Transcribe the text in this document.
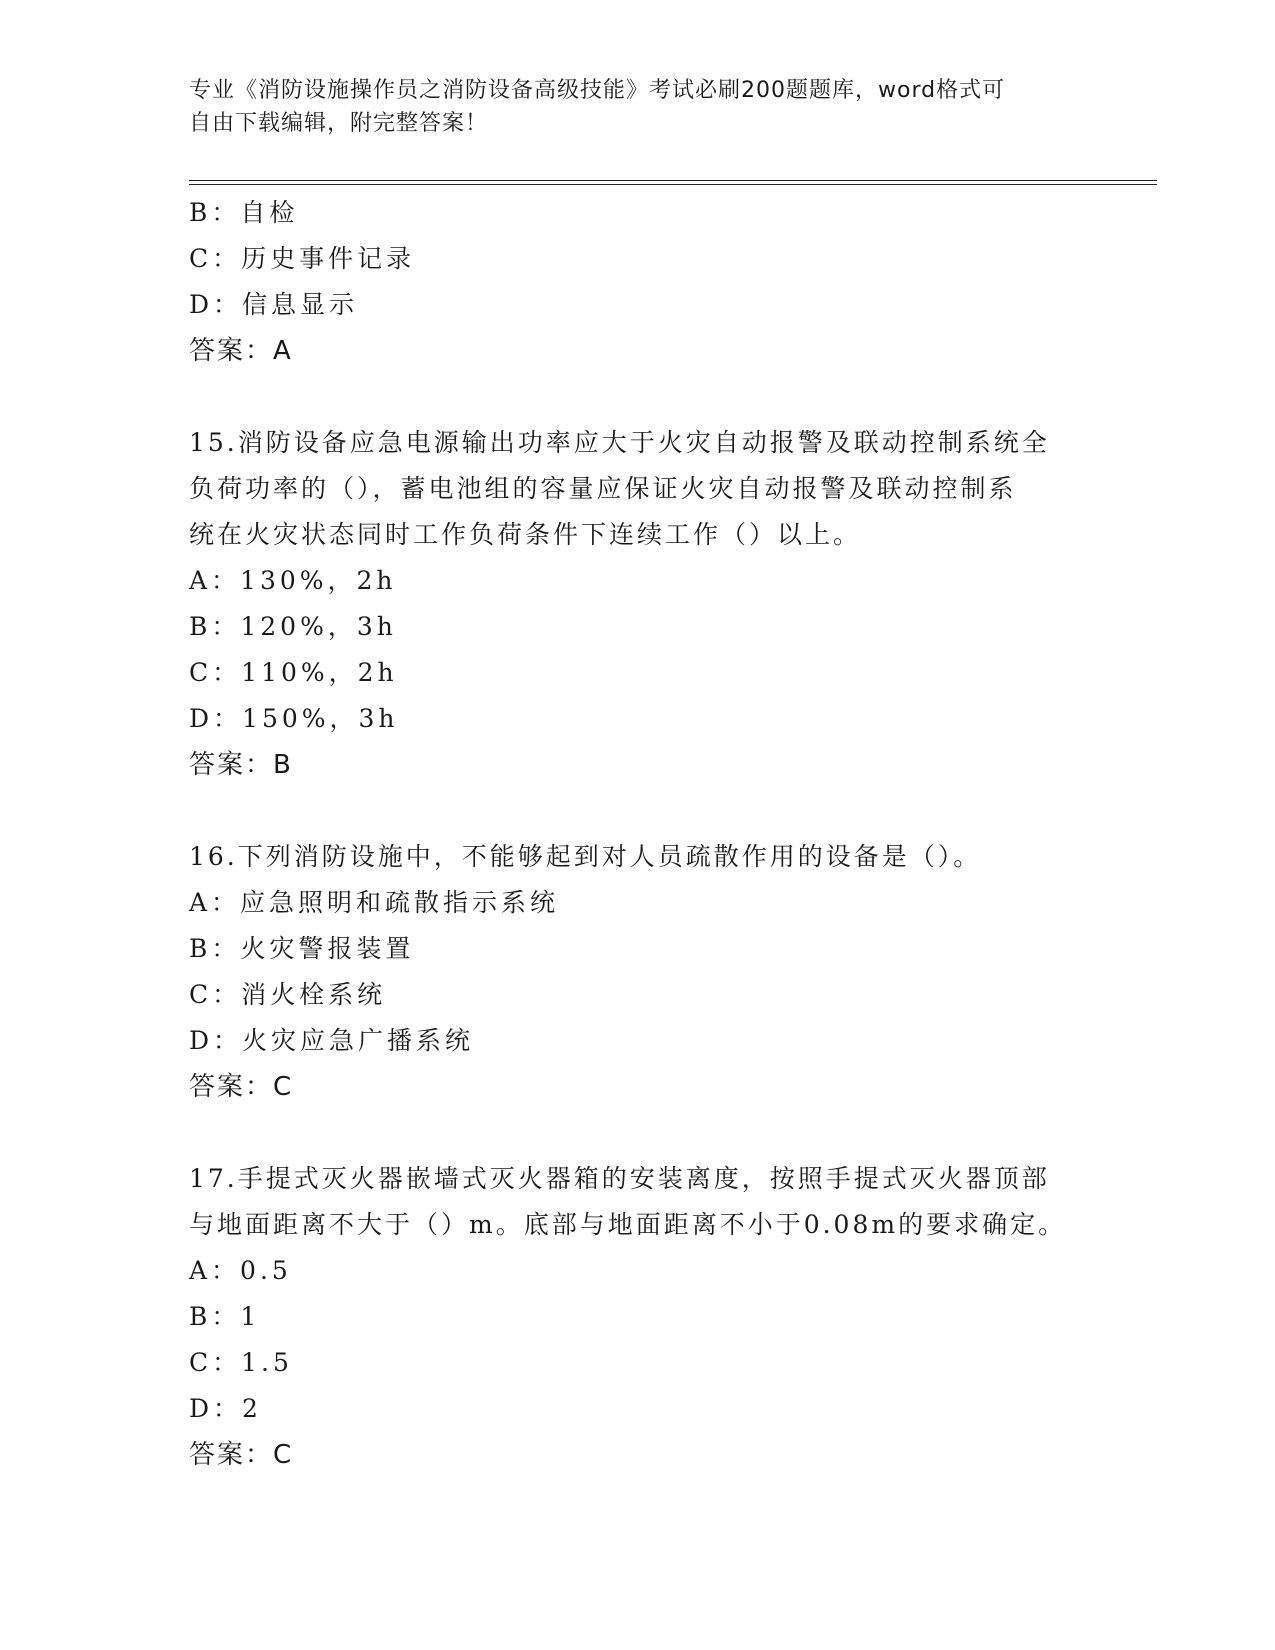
专业《消防设施操作员之消防设备高级技能》考试必刷200题题库，word格式可
自由下载编辑，附完整答案！
B：自检
C：历史事件记录
D：信息显示
答案：A
15.消防设备应急电源输出功率应大于火灾自动报警及联动控制系统全
负荷功率的（），蓄电池组的容量应保证火灾自动报警及联动控制系
统在火灾状态同时工作负荷条件下连续工作（）以上。
A：130%，2h
B：120%，3h
C：110%，2h
D：150%，3h
答案：B
16.下列消防设施中，不能够起到对人员疏散作用的设备是（）。
A：应急照明和疏散指示系统
B：火灾警报装置
C：消火栓系统
D：火灾应急广播系统
答案：C
17.手提式灭火器嵌墙式灭火器箱的安装离度，按照手提式灭火器顶部
与地面距离不大于（）m。底部与地面距离不小于0.08m的要求确定。
A：0.5
B：1
C：1.5
D：2
答案：C
